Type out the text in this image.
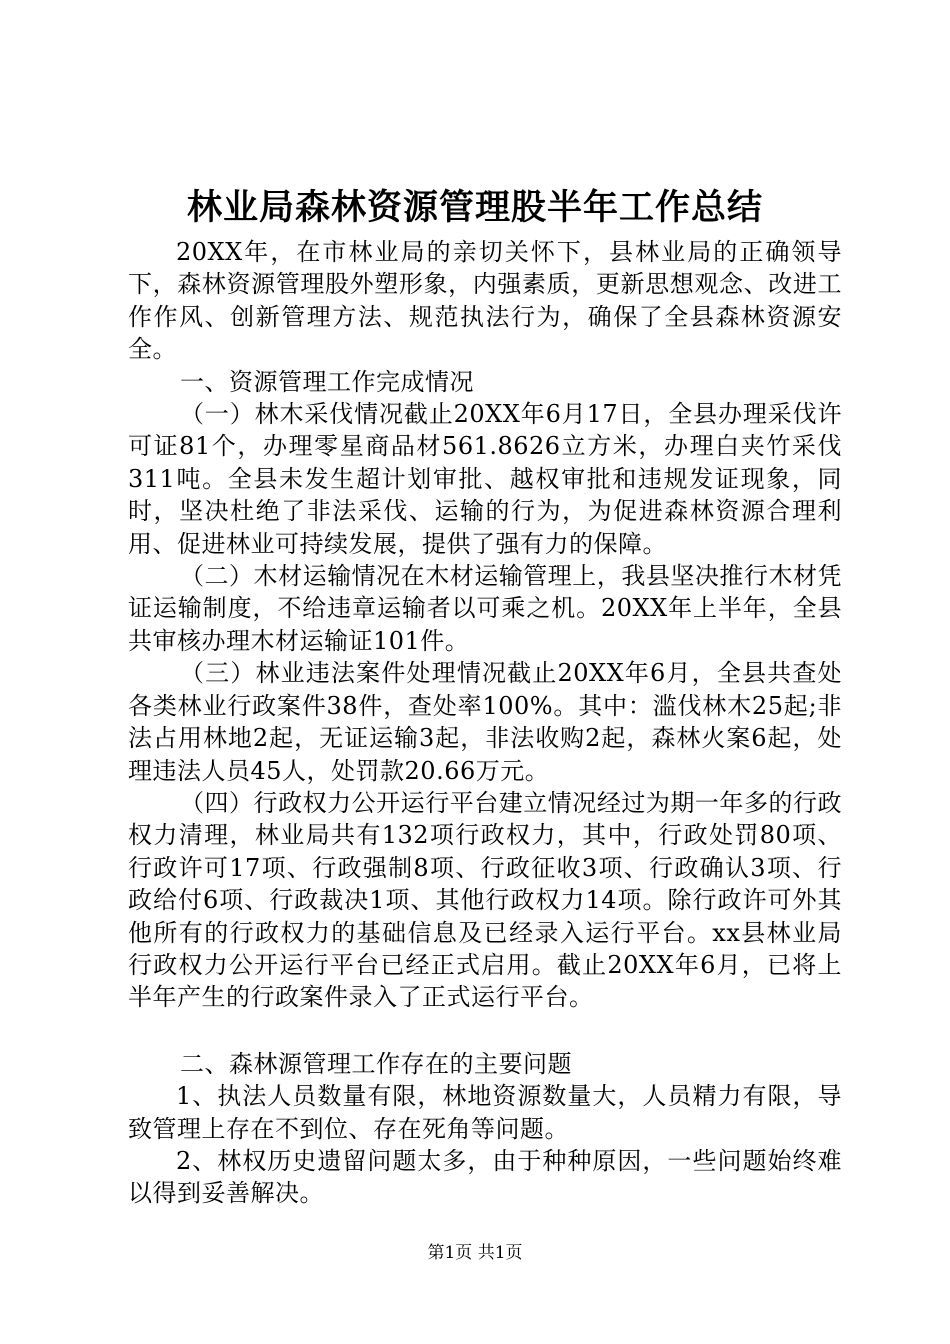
林业局森林资源管理股半年工作总结

20XX年，在市林业局的亲切关怀下，县林业局的正确领导下，森林资源管理股外塑形象，内强素质，更新思想观念、改进工作作风、创新管理方法、规范执法行为，确保了全县森林资源安全。

一、资源管理工作完成情况

（一）林木采伐情况截止20XX年6月17日，全县办理采伐许可证81个，办理零星商品材561.8626立方米，办理白夹竹采伐311吨。全县未发生超计划审批、越权审批和违规发证现象，同时，坚决杜绝了非法采伐、运输的行为，为促进森林资源合理利用、促进林业可持续发展，提供了强有力的保障。

（二）木材运输情况在木材运输管理上，我县坚决推行木材凭证运输制度，不给违章运输者以可乘之机。20XX年上半年，全县共审核办理木材运输证101件。

（三）林业违法案件处理情况截止20XX年6月，全县共查处各类林业行政案件38件，查处率100%。其中：滥伐林木25起;非法占用林地2起，无证运输3起，非法收购2起，森林火案6起，处理违法人员45人，处罚款20.66万元。

（四）行政权力公开运行平台建立情况经过为期一年多的行政权力清理，林业局共有132项行政权力，其中，行政处罚80项、行政许可17项、行政强制8项、行政征收3项、行政确认3项、行政给付6项、行政裁决1项、其他行政权力14项。除行政许可外其他所有的行政权力的基础信息及已经录入运行平台。xx县林业局行政权力公开运行平台已经正式启用。截止20XX年6月，已将上半年产生的行政案件录入了正式运行平台。

二、森林源管理工作存在的主要问题

1、执法人员数量有限，林地资源数量大，人员精力有限，导致管理上存在不到位、存在死角等问题。

2、林权历史遗留问题太多，由于种种原因，一些问题始终难以得到妥善解决。

第1页 共1页
